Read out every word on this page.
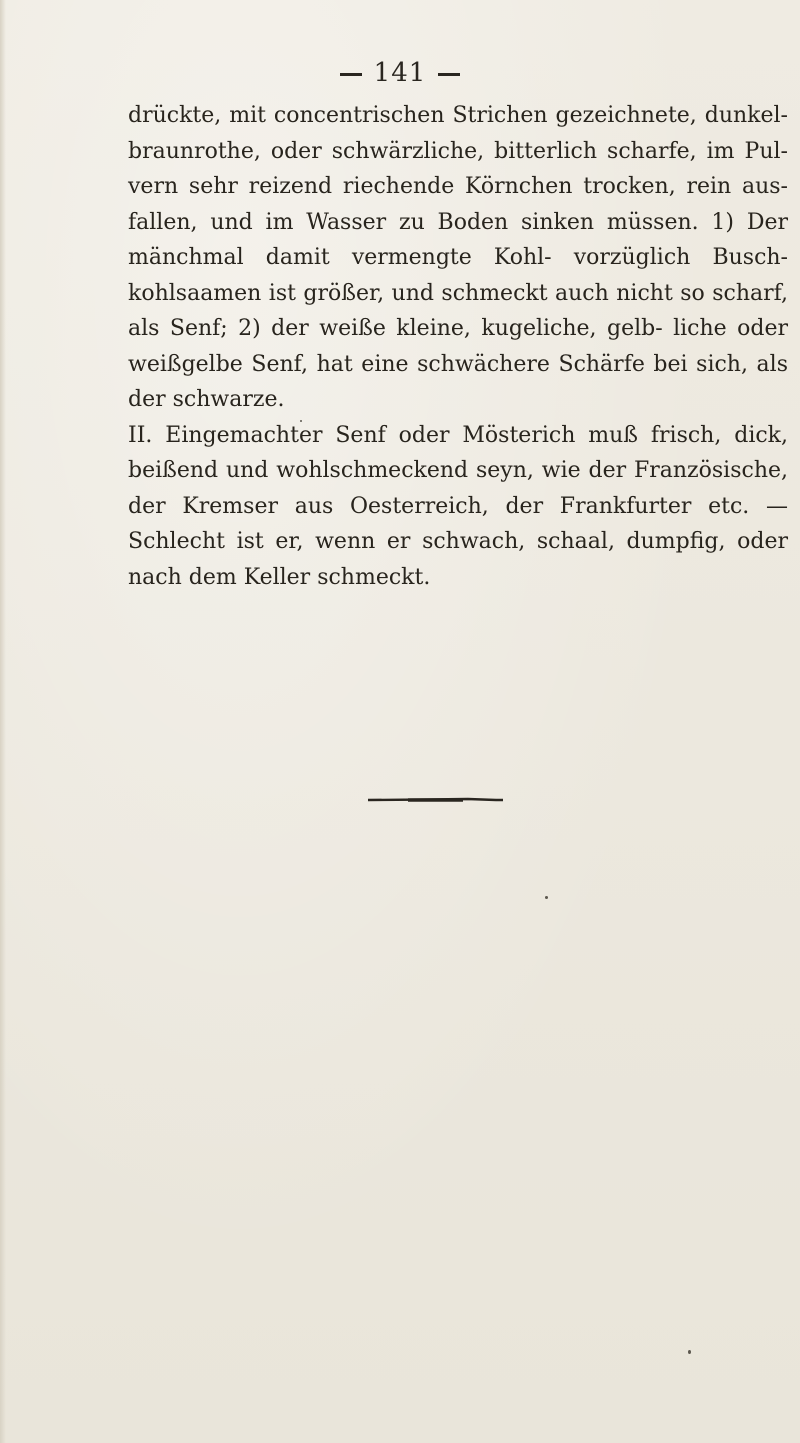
141

drückte, mit concentrischen Strichen gezeichnete, dunkel- braunrothe, oder schwärzliche, bitterlich scharfe, im Pul- vern sehr reizend riechende Körnchen trocken, rein aus- fallen, und im Wasser zu Boden sinken müssen. 1) Der mänchmal damit vermengte Kohl- vorzüglich Busch- kohlsaamen ist größer, und schmeckt auch nicht so scharf, als Senf; 2) der weiße kleine, kugeliche, gelb- liche oder weißgelbe Senf, hat eine schwächere Schärfe bei sich, als der schwarze.

II. Eingemachter Senf oder Mösterich muß frisch, dick, beißend und wohlschmeckend seyn, wie der Französische, der Kremser aus Oesterreich, der Frankfurter etc. — Schlecht ist er, wenn er schwach, schaal, dumpfig, oder nach dem Keller schmeckt.
